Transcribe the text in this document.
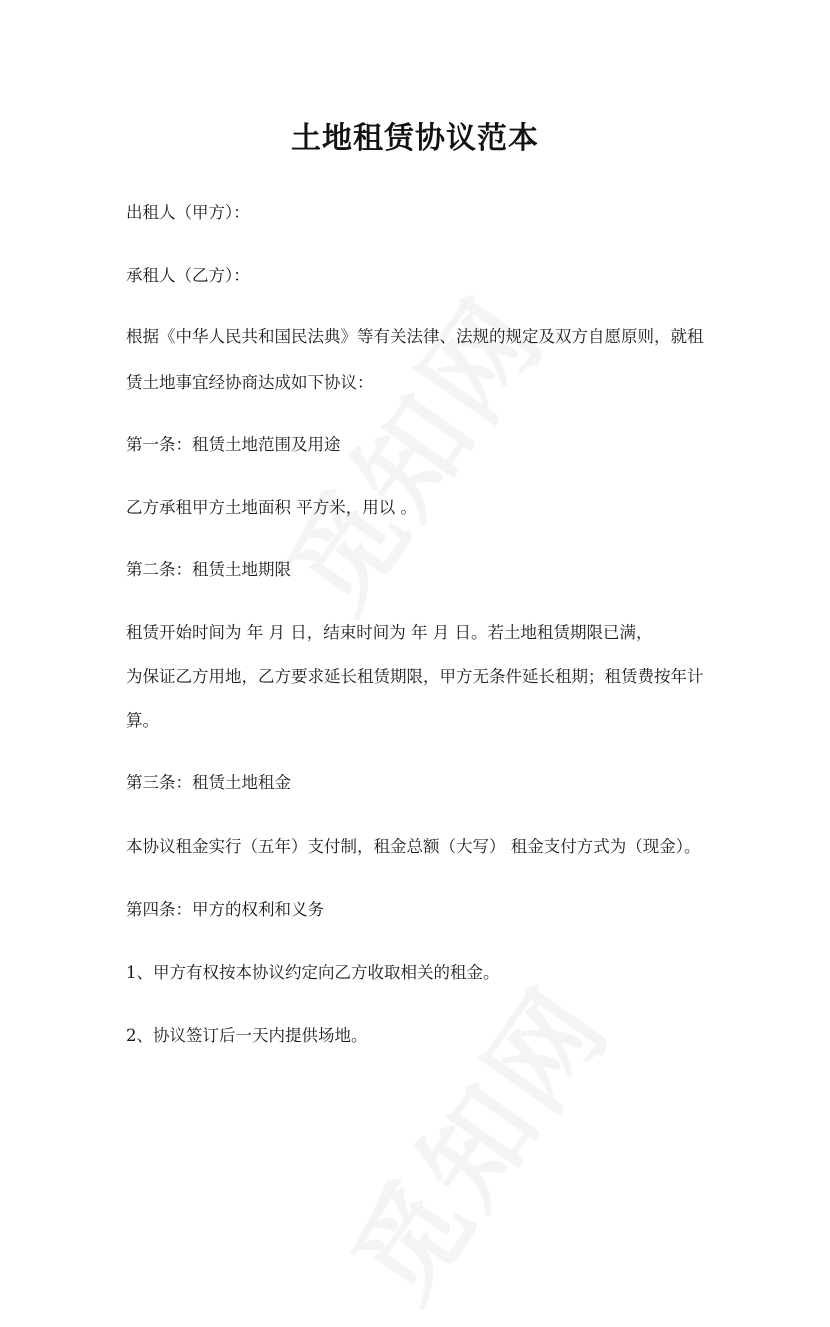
土地租赁协议范本
出租人（甲方）：
承租人（乙方）：
根据《中华人民共和国民法典》等有关法律、法规的规定及双方自愿原则，就租
赁土地事宜经协商达成如下协议：
第一条：租赁土地范围及用途
乙方承租甲方土地面积 平方米，用以 。
第二条：租赁土地期限
租赁开始时间为 年 月 日，结束时间为 年 月 日。若土地租赁期限已满，
为保证乙方用地，乙方要求延长租赁期限，甲方无条件延长租期；租赁费按年计
算。
第三条：租赁土地租金
本协议租金实行（五年）支付制，租金总额（大写） 租金支付方式为（现金）。
第四条：甲方的权利和义务
1、甲方有权按本协议约定向乙方收取相关的租金。
2、协议签订后一天内提供场地。
